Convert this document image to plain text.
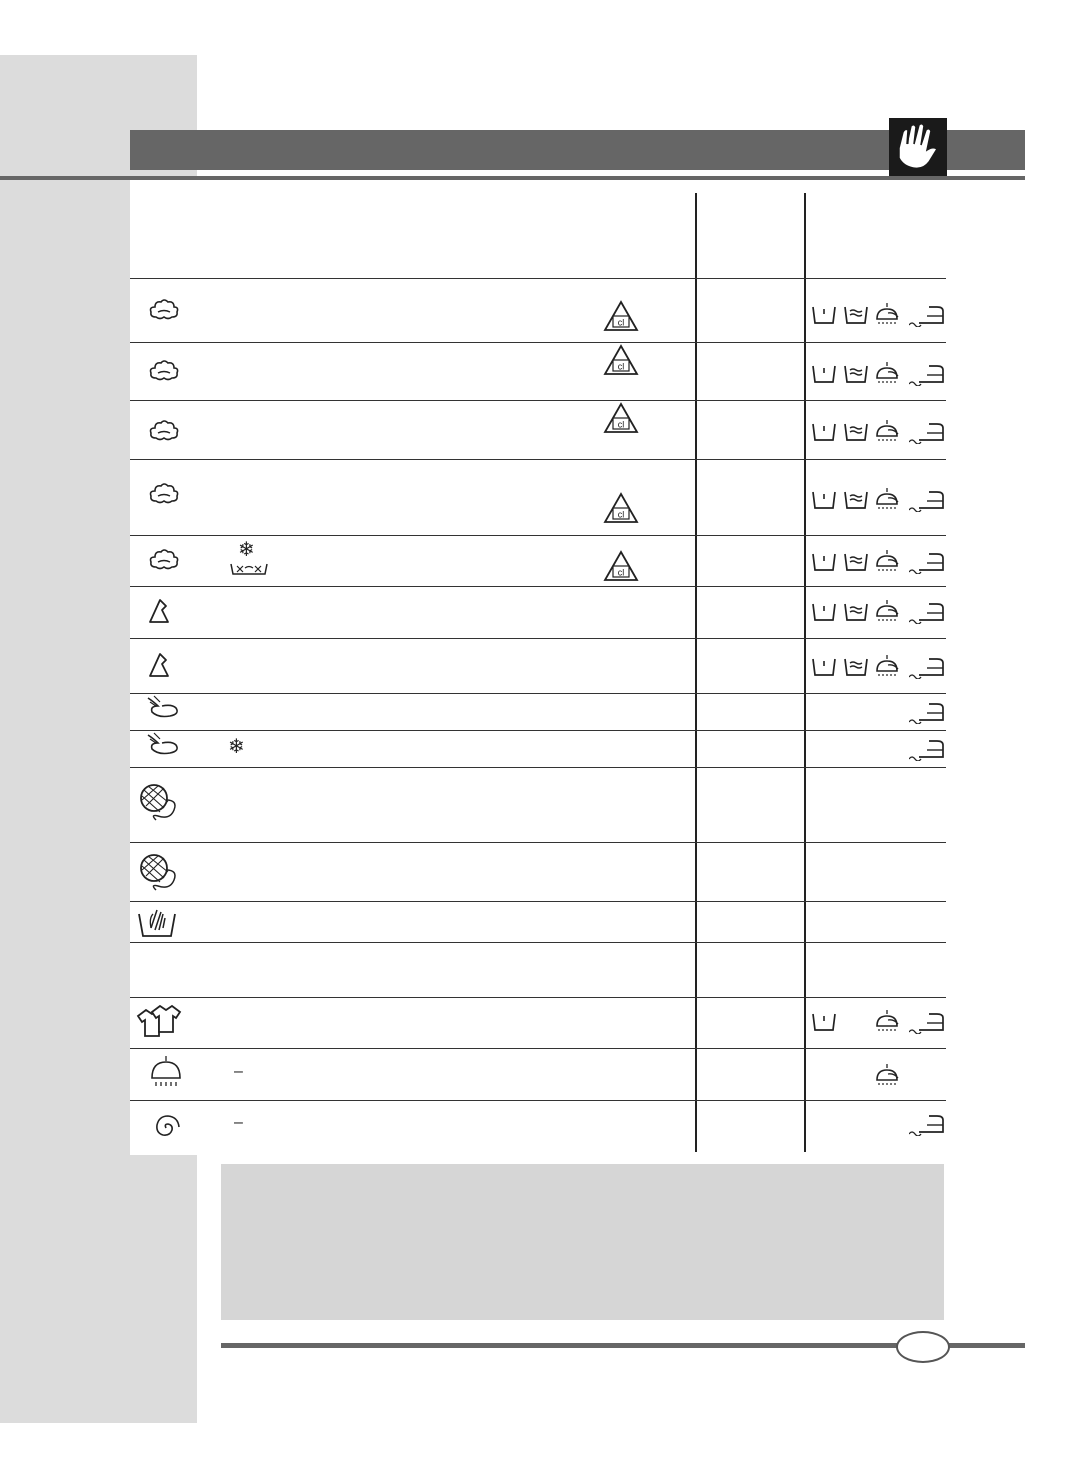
❄
❄
–
–
